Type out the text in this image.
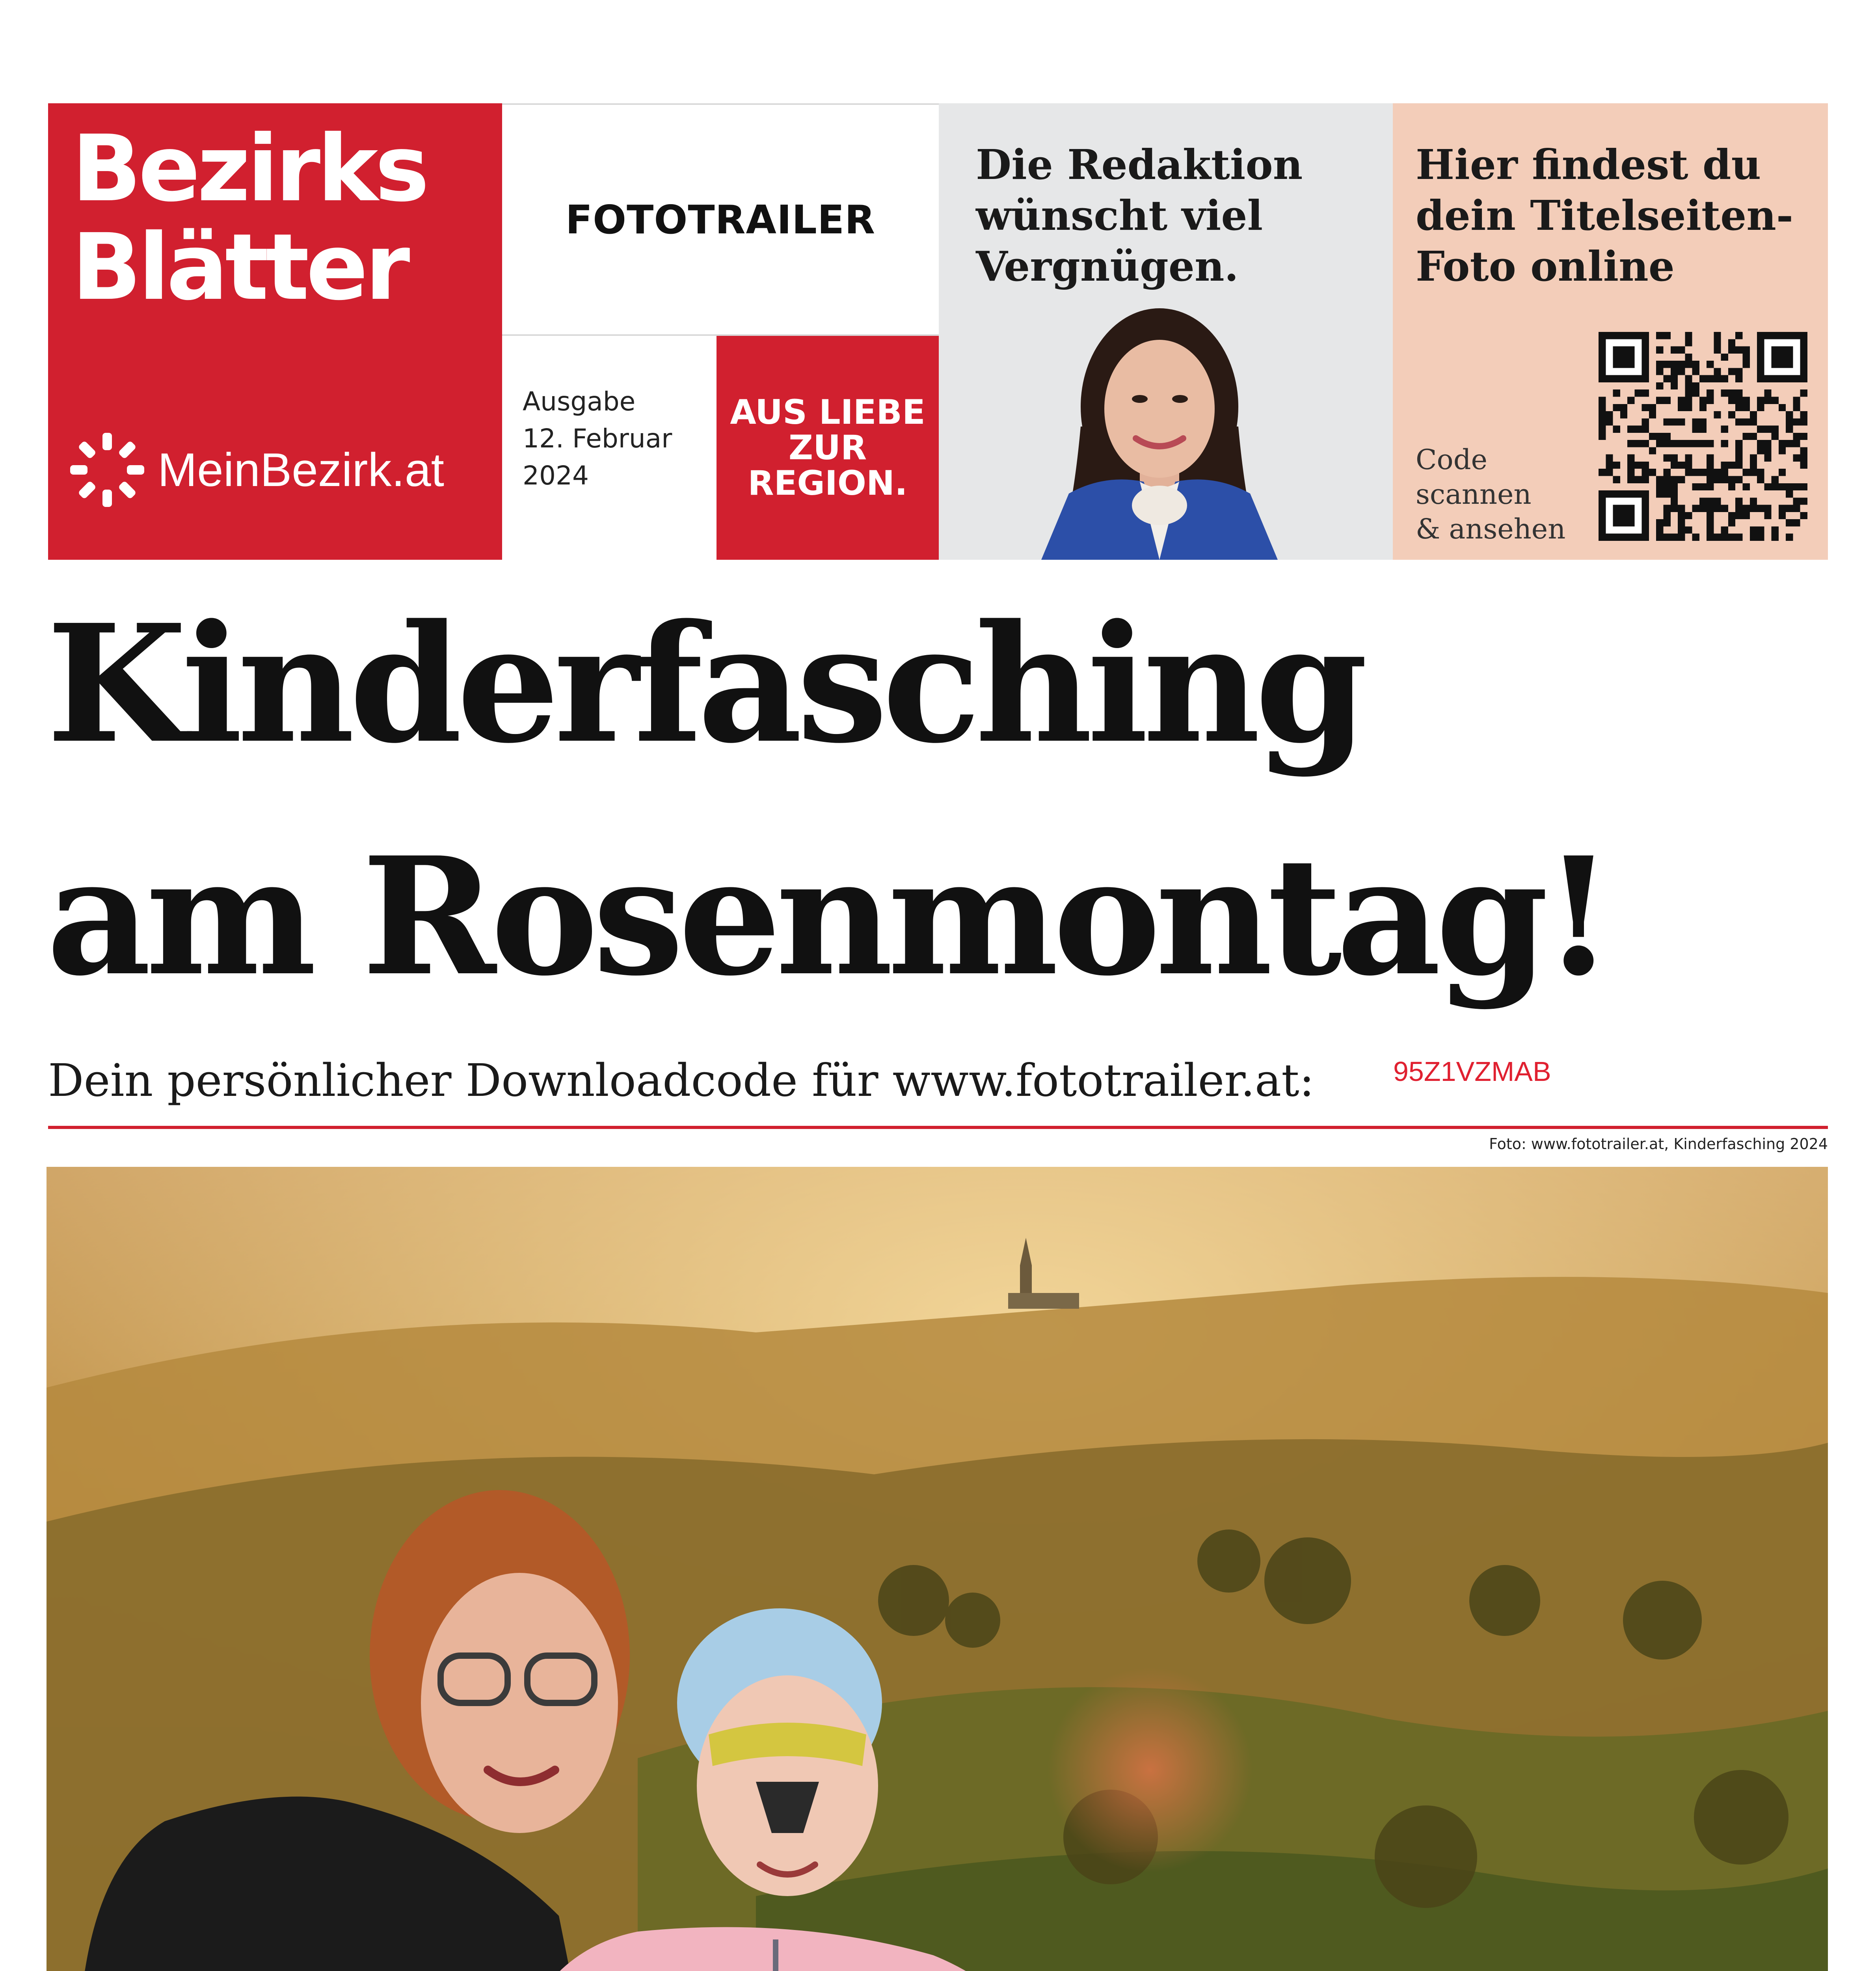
Bezirks
Blätter
MeinBezirk.at
FOTOTRAILER
Ausgabe
12. Februar
2024
AUS LIEBE
ZUR
REGION.
Die Redaktion wünscht viel Vergnügen.
Hier findest du dein Titelseiten-Foto online
Code
scannen
& ansehen
Kinderfasching
am Rosenmontag!
Dein persönlicher Downloadcode für www.fototrailer.at:	95Z1VZMAB
Foto: www.fototrailer.at, Kinderfasching 2024
